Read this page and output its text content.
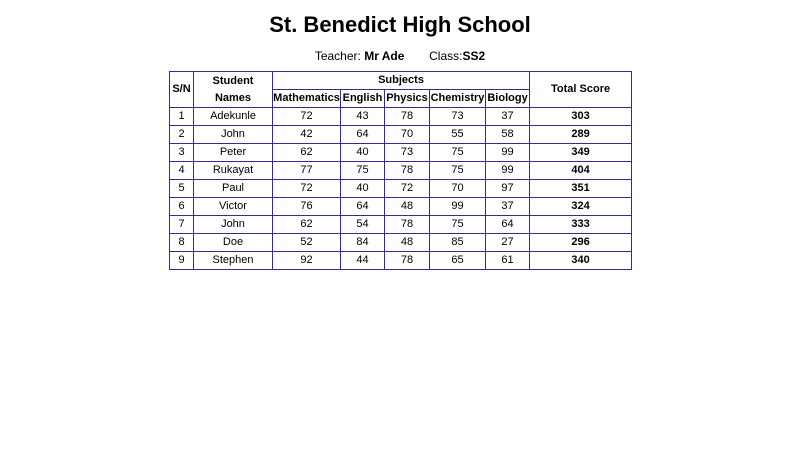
St. Benedict High School
Teacher: Mr Ade Class:SS2
S/N	Student Names	Subjects					Total Score
		Mathematics	English	Physics	Chemistry	Biology	
1	Adekunle	72	43	78	73	37	303
2	John	42	64	70	55	58	289
3	Peter	62	40	73	75	99	349
4	Rukayat	77	75	78	75	99	404
5	Paul	72	40	72	70	97	351
6	Victor	76	64	48	99	37	324
7	John	62	54	78	75	64	333
8	Doe	52	84	48	85	27	296
9	Stephen	92	44	78	65	61	340
